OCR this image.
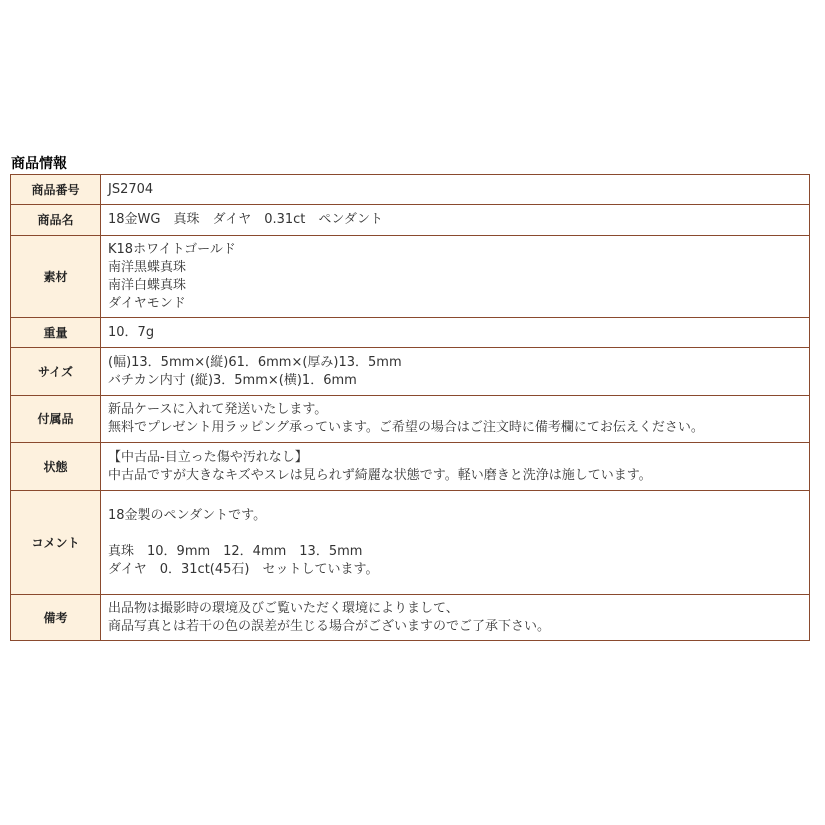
商品情報
商品番号	JS2704

商品名	18金WG　真珠　ダイヤ　0.31ct　ペンダント

素材	K18ホワイトゴールド
南洋黒蝶真珠
南洋白蝶真珠
ダイヤモンド

重量	10．7g

サイズ	(幅)13．5mm×(縦)61．6mm×(厚み)13．5mm
バチカン内寸 (縦)3．5mm×(横)1．6mm

付属品	新品ケースに入れて発送いたします。
無料でプレゼント用ラッピング承っています。ご希望の場合はご注文時に備考欄にてお伝えください。

状態	【中古品-目立った傷や汚れなし】
中古品ですが大きなキズやスレは見られず綺麗な状態です。軽い磨きと洗浄は施しています。

コメント	18金製のペンダントです。
真珠　10．9mm　12．4mm　13．5mm
ダイヤ　0．31ct(45石)　セットしています。

備考	出品物は撮影時の環境及びご覧いただく環境によりまして、
商品写真とは若干の色の誤差が生じる場合がございますのでご了承下さい。
